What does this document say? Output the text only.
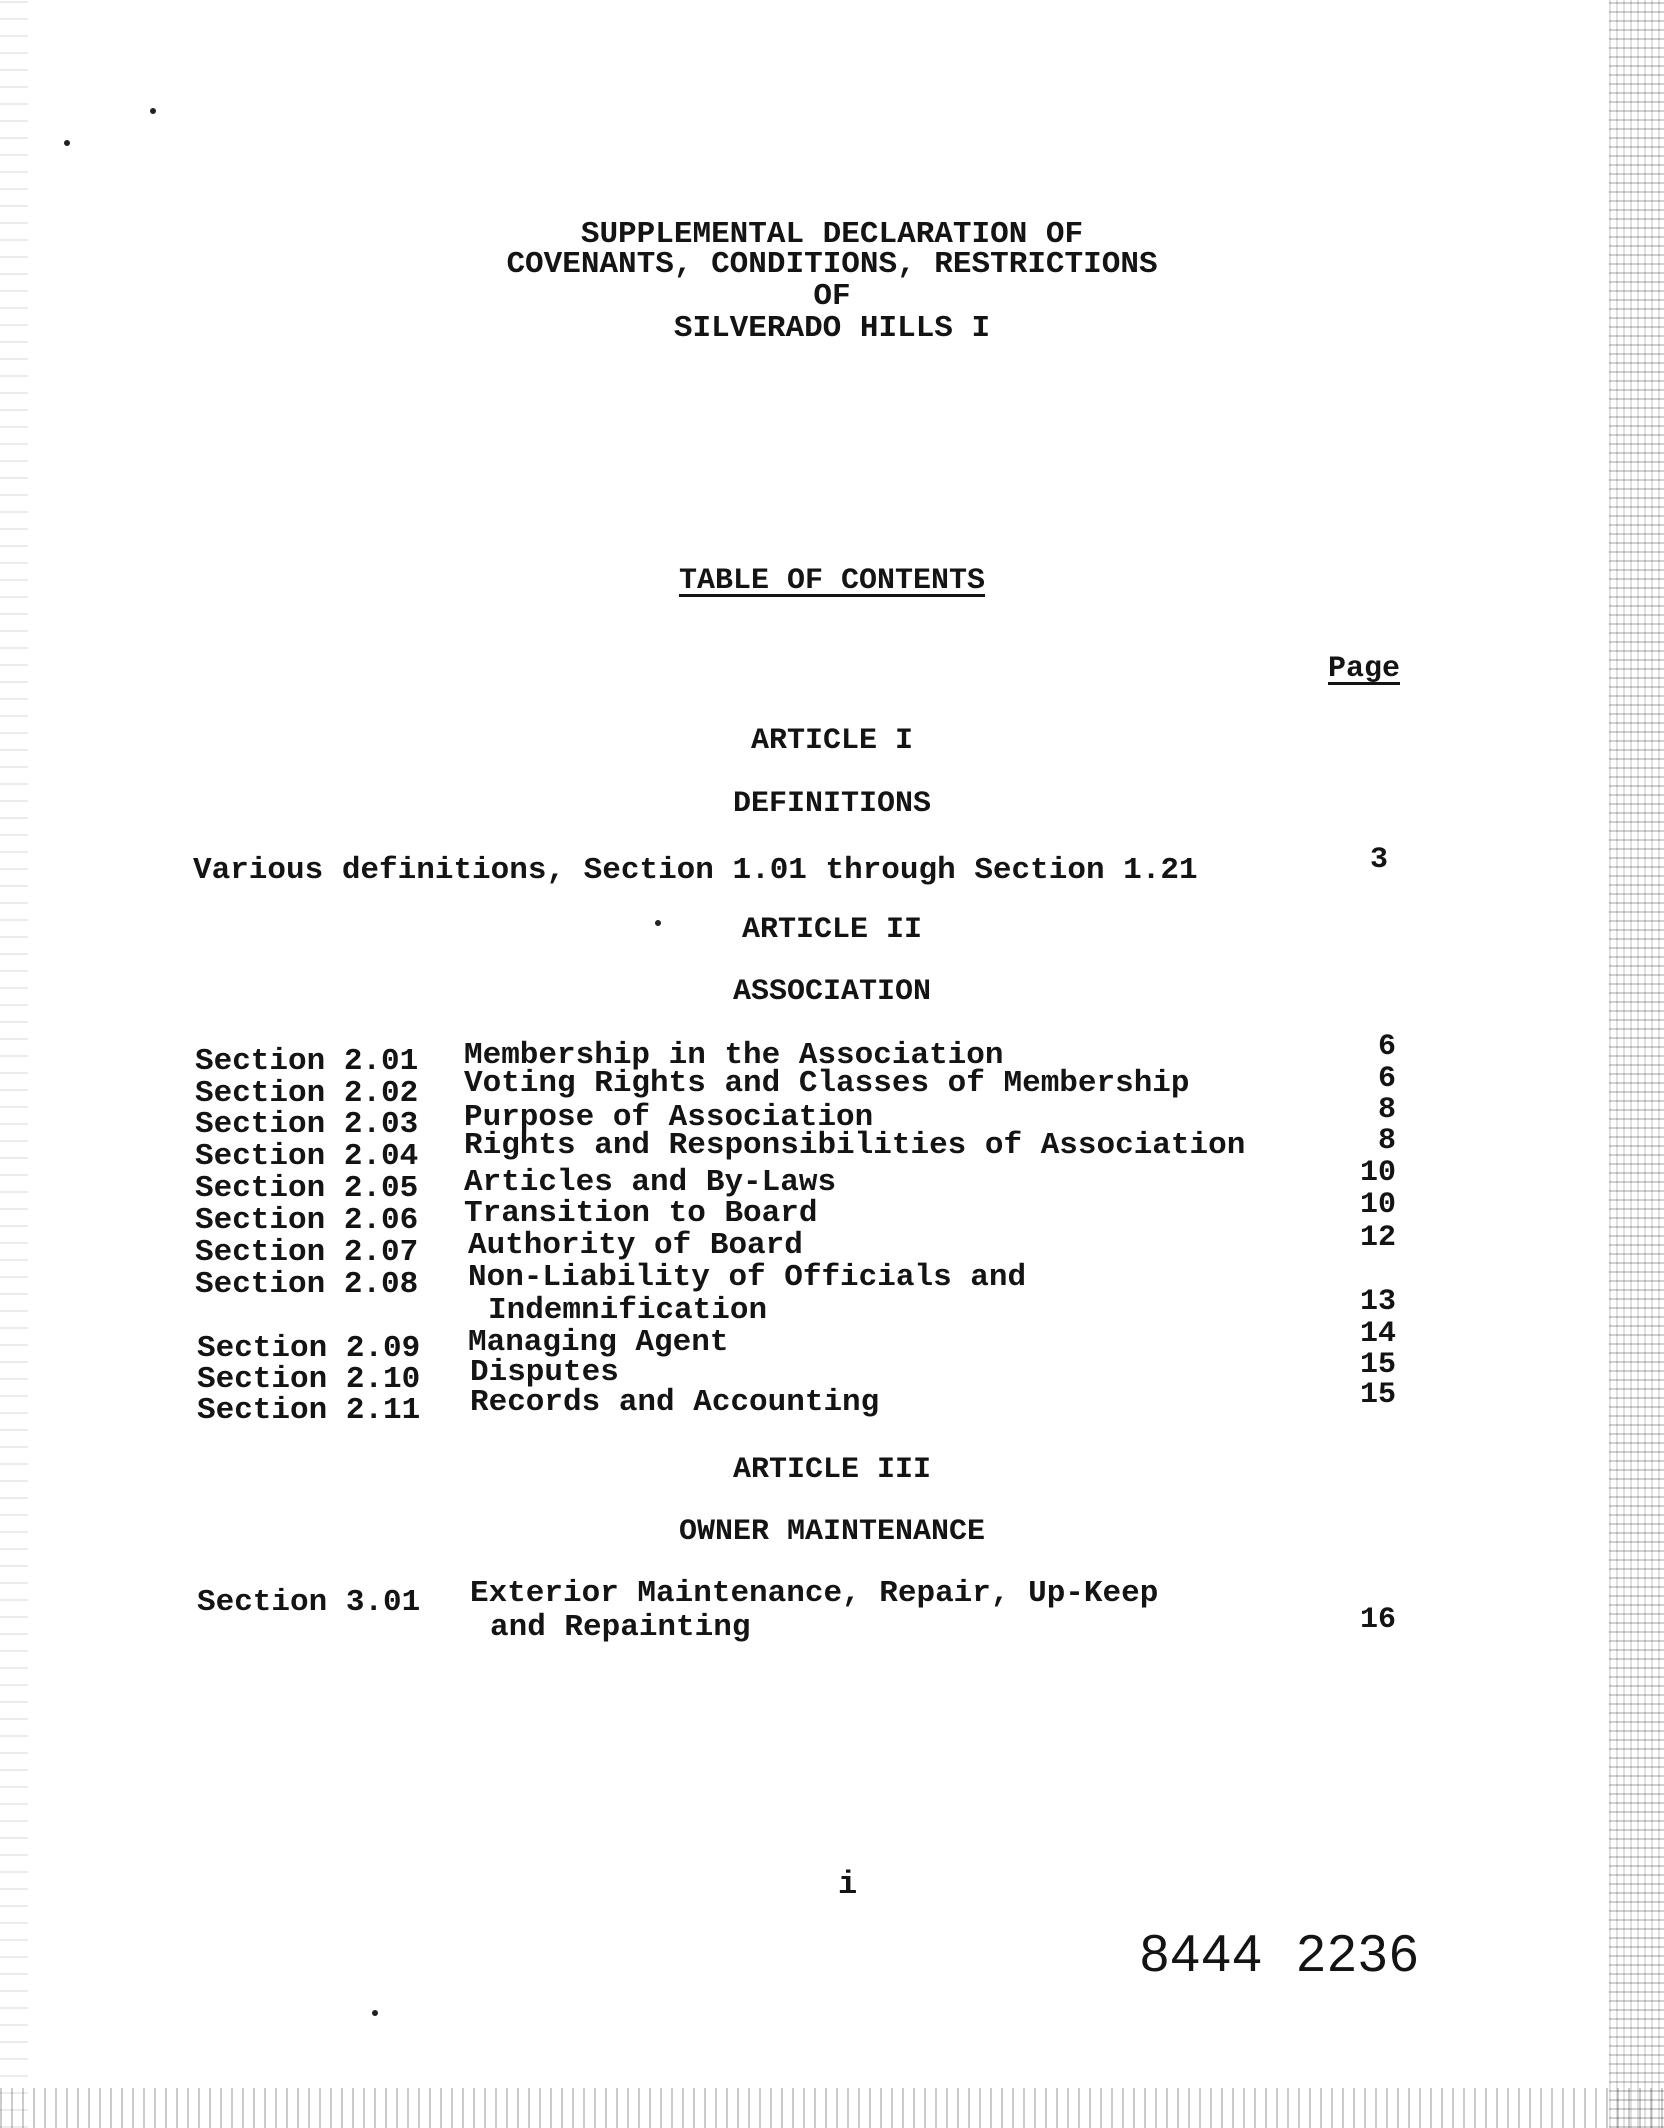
SUPPLEMENTAL DECLARATION OF
COVENANTS, CONDITIONS, RESTRICTIONS
OF
SILVERADO HILLS I
TABLE OF CONTENTS
Page
ARTICLE I
DEFINITIONS
Various definitions, Section 1.01 through Section 1.21	3
ARTICLE II
ASSOCIATION
Section 2.01 Membership in the Association	6
Section 2.02 Voting Rights and Classes of Membership	6
Section 2.03 Purpose of Association	8
Section 2.04 Rights and Responsibilities of Association	8
Section 2.05 Articles and By-Laws	10
Section 2.06 Transition to Board	10
Section 2.07 Authority of Board	12
Section 2.08 Non-Liability of Officials and
Indemnification	13
Section 2.09 Managing Agent	14
Section 2.10 Disputes	15
Section 2.11 Records and Accounting	15
ARTICLE III
OWNER MAINTENANCE
Section 3.01 Exterior Maintenance, Repair, Up-Keep
and Repainting	16
i
8444  2236
